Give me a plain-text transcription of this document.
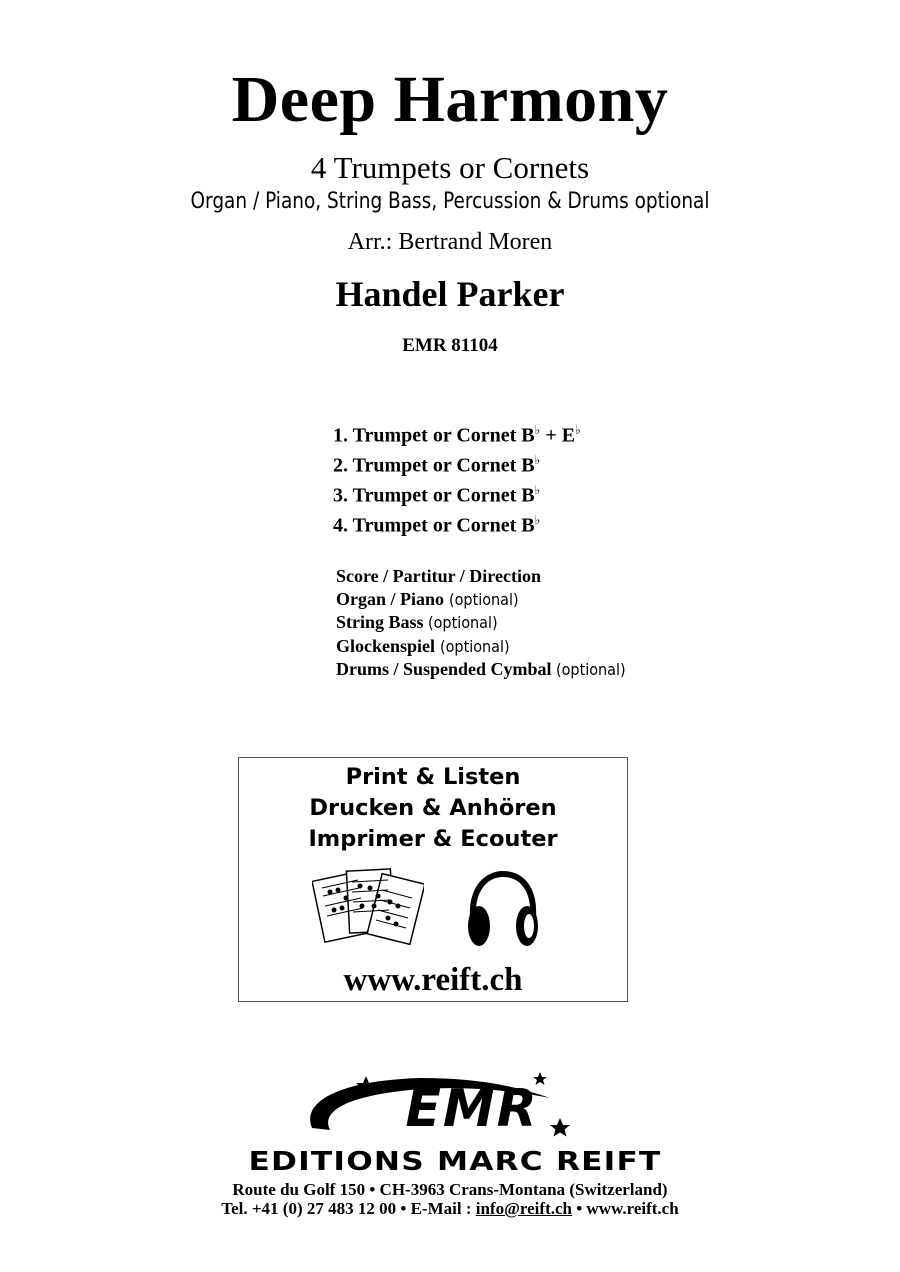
Deep Harmony
4 Trumpets or Cornets
Organ / Piano, String Bass, Percussion & Drums optional
Arr.: Bertrand Moren
Handel Parker
EMR 81104
1. Trumpet or Cornet B♭ + E♭
2. Trumpet or Cornet B♭
3. Trumpet or Cornet B♭
4. Trumpet or Cornet B♭
Score / Partitur / Direction
Organ / Piano (optional)
String Bass (optional)
Glockenspiel (optional)
Drums / Suspended Cymbal (optional)
Print & Listen
Drucken & Anhören
Imprimer & Ecouter
www.reift.ch
EMR
EDITIONS MARC REIFT
Route du Golf 150 • CH-3963 Crans-Montana (Switzerland)
Tel. +41 (0) 27 483 12 00 • E-Mail : info@reift.ch • www.reift.ch
